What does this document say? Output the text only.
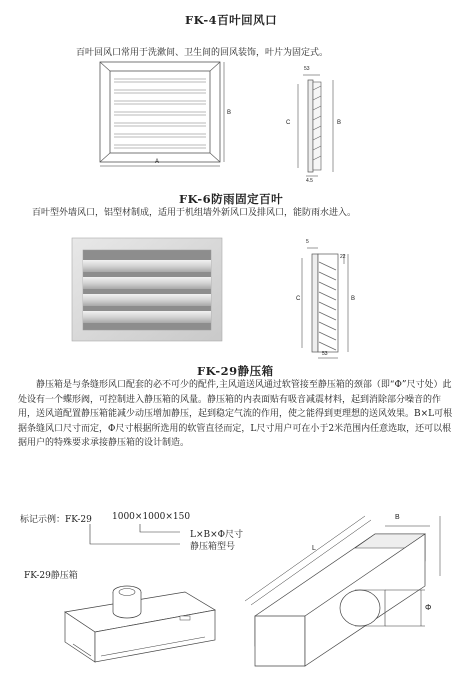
FK-4百叶回风口
百叶回风口常用于洗漱间、卫生间的回风装饰，叶片为固定式。
B
A
53
C	B
4.5
FK-6防雨固定百叶
百叶型外墙风口，铝型材制成，适用于机组墙外新风口及排风口，能防雨水进入。
5
22
C	B
53
FK-29静压箱
静压箱是与条缝形风口配套的必不可少的配件,主风道送风通过软管接至静压箱的颈部（即“Φ”尺寸处）此处设有一个蝶形阀，可控制进入静压箱的风量。静压箱的内表面贴有吸音减震材料，起到消除部分噪音的作用，送风道配置静压箱能减少动压增加静压，起到稳定气流的作用，使之能得到更理想的送风效果。B×L可根据条缝风口尺寸而定，Φ尺寸根据所选用的软管直径而定，L尺寸用户可在小于2米范围内任意选取，还可以根据用户的特殊要求承接静压箱的设计制造。
标记示例：FK-29 1000×1000×150
L×B×Φ尺寸
静压箱型号
FK-29静压箱
B
L
Φ
